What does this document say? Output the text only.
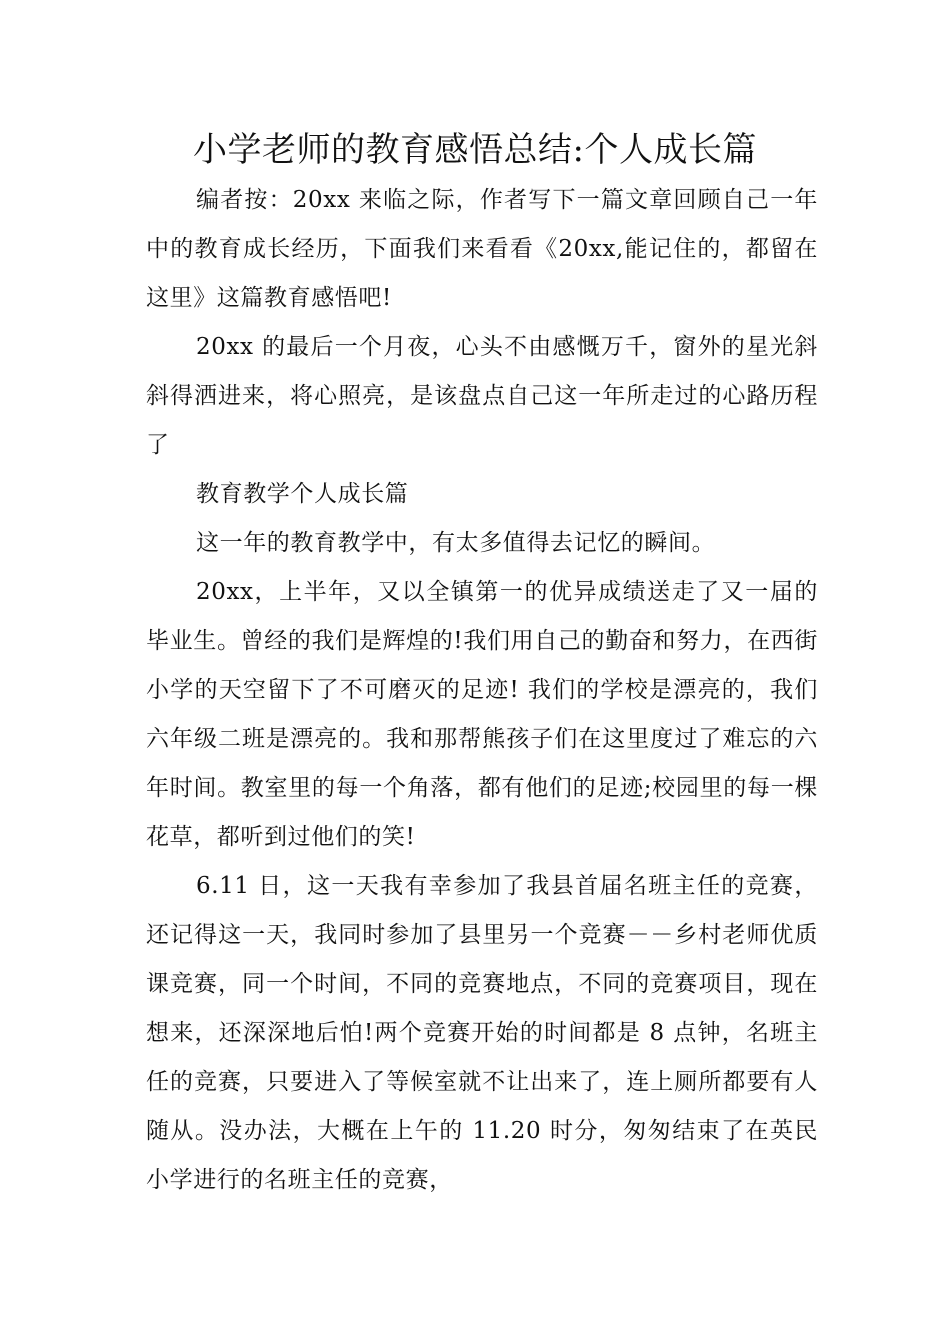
小学老师的教育感悟总结:个人成长篇

编者按：20xx 来临之际，作者写下一篇文章回顾自己一年中的教育成长经历，下面我们来看看《20xx,能记住的，都留在这里》这篇教育感悟吧!

20xx 的最后一个月夜，心头不由感慨万千，窗外的星光斜斜得洒进来，将心照亮，是该盘点自己这一年所走过的心路历程了

教育教学个人成长篇

这一年的教育教学中，有太多值得去记忆的瞬间。

20xx，上半年，又以全镇第一的优异成绩送走了又一届的毕业生。曾经的我们是辉煌的!我们用自己的勤奋和努力，在西街小学的天空留下了不可磨灭的足迹! 我们的学校是漂亮的，我们六年级二班是漂亮的。我和那帮熊孩子们在这里度过了难忘的六年时间。教室里的每一个角落，都有他们的足迹;校园里的每一棵花草，都听到过他们的笑!

6.11 日，这一天我有幸参加了我县首届名班主任的竞赛，还记得这一天，我同时参加了县里另一个竞赛－－乡村老师优质课竞赛，同一个时间，不同的竞赛地点，不同的竞赛项目，现在想来，还深深地后怕!两个竞赛开始的时间都是 8 点钟，名班主任的竞赛，只要进入了等候室就不让出来了，连上厕所都要有人随从。没办法，大概在上午的 11.20 时分，匆匆结束了在英民小学进行的名班主任的竞赛，
